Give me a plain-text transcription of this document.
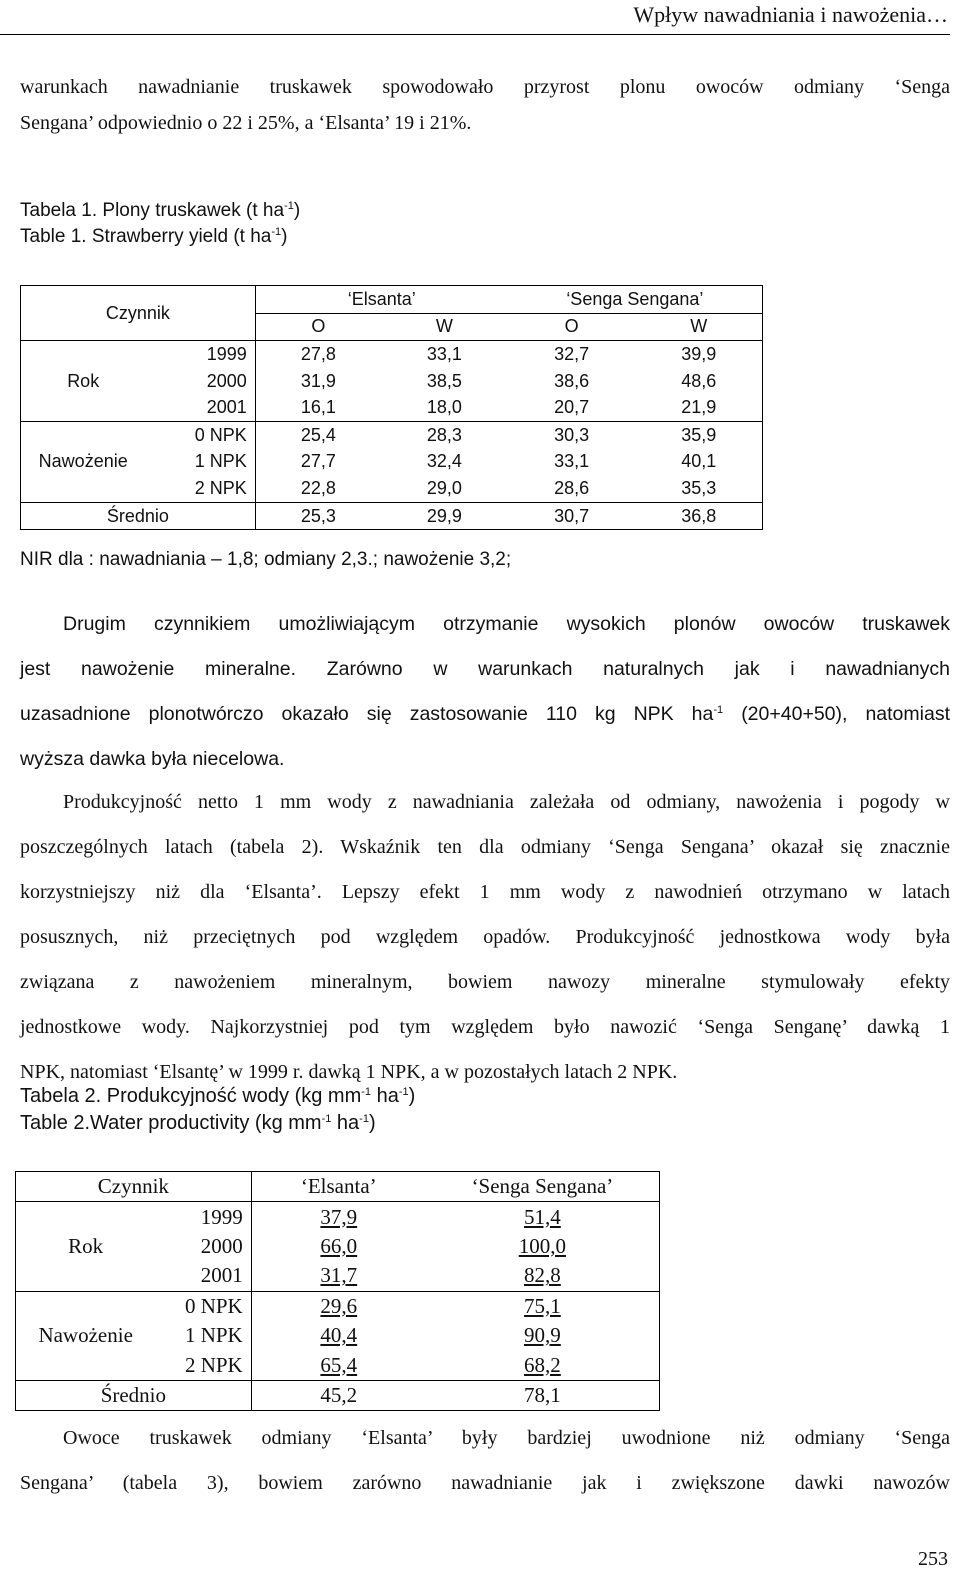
Wpływ nawadniania i nawożenia…
warunkach nawadnianie truskawek spowodowało przyrost plonu owoców odmiany ‘Senga
Sengana’ odpowiednio o 22 i 25%, a ‘Elsanta’ 19 i 21%.
Tabela 1. Plony truskawek (t $ha^{-1}$)
Table 1. Strawberry yield (t $ha^{-1}$)
Czynnik		‘Elsanta’		‘Senga Sengana’	
		O	W	O	W
Rok	1999	27,8	33,1	32,7	39,9
	2000	31,9	38,5	38,6	48,6
	2001	16,1	18,0	20,7	21,9
Nawożenie	0 NPK	25,4	28,3	30,3	35,9
	1 NPK	27,7	32,4	33,1	40,1
	2 NPK	22,8	29,0	28,6	35,3
Średnio		25,3	29,9	30,7	36,8
NIR dla : nawadniania – 1,8; odmiany 2,3.; nawożenie 3,2;
Drugim czynnikiem umożliwiającym otrzymanie wysokich plonów owoców truskawek
jest nawożenie mineralne. Zarówno w warunkach naturalnych jak i nawadnianych
uzasadnione plonotwórczo okazało się zastosowanie 110 kg NPK $ha^{-1}$ (20+40+50), natomiast
wyższa dawka była niecelowa.
Produkcyjność netto 1 mm wody z nawadniania zależała od odmiany, nawożenia i pogody w
poszczególnych latach (tabela 2). Wskaźnik ten dla odmiany ‘Senga Sengana’ okazał się znacznie
korzystniejszy niż dla ‘Elsanta’. Lepszy efekt 1 mm wody z nawodnień otrzymano w latach
posusznych, niż przeciętnych pod względem opadów. Produkcyjność jednostkowa wody była
związana z nawożeniem mineralnym, bowiem nawozy mineralne stymulowały efekty
jednostkowe wody. Najkorzystniej pod tym względem było nawozić ‘Senga Senganę’ dawką 1
NPK, natomiast ‘Elsantę’ w 1999 r. dawką 1 NPK, a w pozostałych latach 2 NPK.
Tabela 2. Produkcyjność wody (kg $mm^{-1}$ $ha^{-1}$)
Table 2.Water productivity (kg $mm^{-1}$ $ha^{-1}$)
Czynnik		‘Elsanta’	‘Senga Sengana’
Rok	1999	37,9	51,4
	2000	66,0	100,0
	2001	31,7	82,8
Nawożenie	0 NPK	29,6	75,1
	1 NPK	40,4	90,9
	2 NPK	65,4	68,2
Średnio		45,2	78,1
Owoce truskawek odmiany ‘Elsanta’ były bardziej uwodnione niż odmiany ‘Senga
Sengana’ (tabela 3), bowiem zarówno nawadnianie jak i zwiększone dawki nawozów
253
